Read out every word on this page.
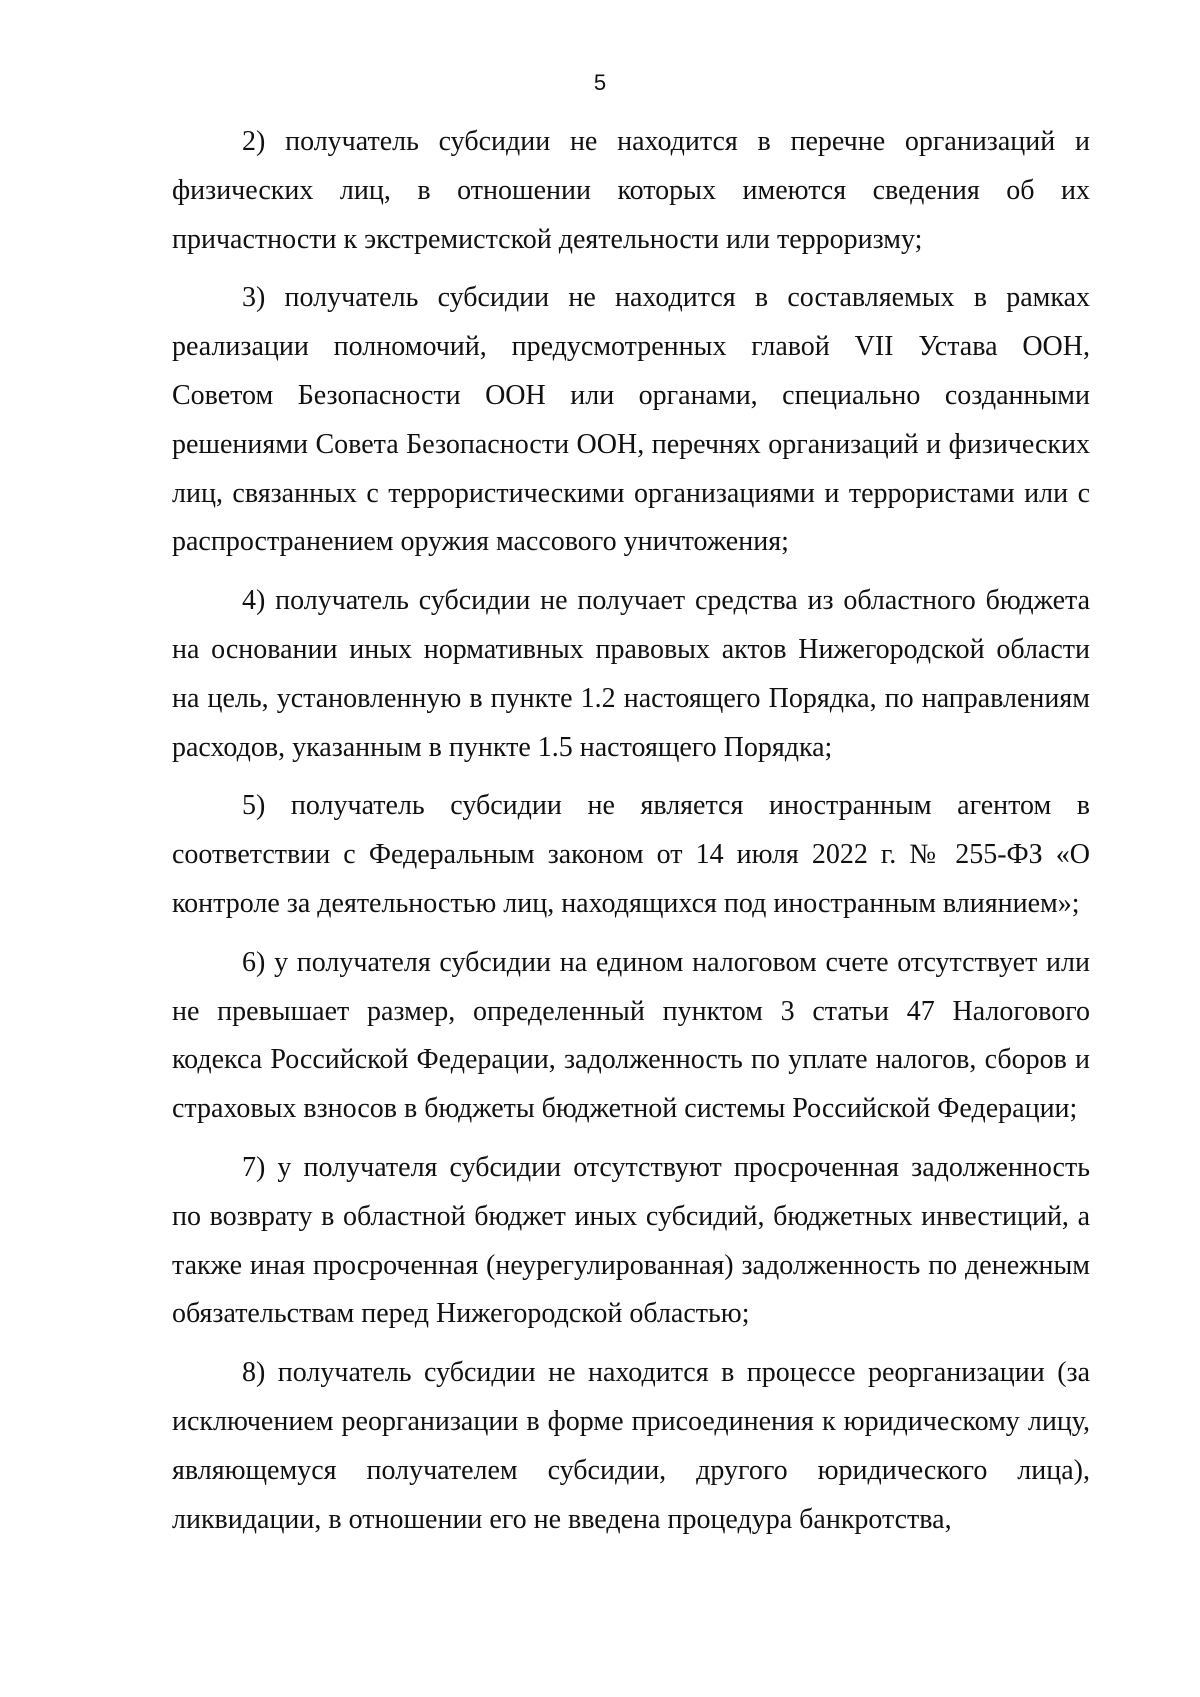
5

2) получатель субсидии не находится в перечне организаций и физических лиц, в отношении которых имеются сведения об их причастности к экстремистской деятельности или терроризму;

3) получатель субсидии не находится в составляемых в рамках реализации полномочий, предусмотренных главой VII Устава ООН, Советом Безопасности ООН или органами, специально созданными решениями Совета Безопасности ООН, перечнях организаций и физических лиц, связанных с террористическими организациями и террористами или с распространением оружия массового уничтожения;

4) получатель субсидии не получает средства из областного бюджета на основании иных нормативных правовых актов Нижегородской области на цель, установленную в пункте 1.2 настоящего Порядка, по направлениям расходов, указанным в пункте 1.5 настоящего Порядка;

5) получатель субсидии не является иностранным агентом в соответствии с Федеральным законом от 14 июля 2022 г. № 255-ФЗ «О контроле за деятельностью лиц, находящихся под иностранным влиянием»;

6) у получателя субсидии на едином налоговом счете отсутствует или не превышает размер, определенный пунктом 3 статьи 47 Налогового кодекса Российской Федерации, задолженность по уплате налогов, сборов и страховых взносов в бюджеты бюджетной системы Российской Федерации;

7) у получателя субсидии отсутствуют просроченная задолженность по возврату в областной бюджет иных субсидий, бюджетных инвестиций, а также иная просроченная (неурегулированная) задолженность по денежным обязательствам перед Нижегородской областью;

8) получатель субсидии не находится в процессе реорганизации (за исключением реорганизации в форме присоединения к юридическому лицу, являющемуся получателем субсидии, другого юридического лица), ликвидации, в отношении его не введена процедура банкротства,
